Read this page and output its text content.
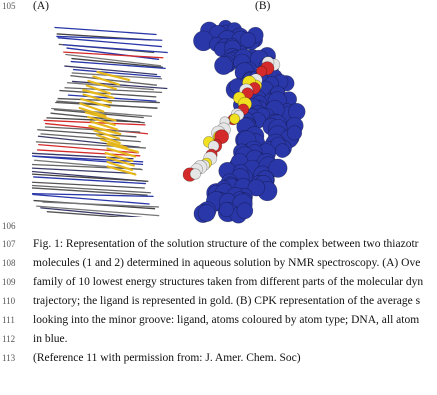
105
106
107
108
109
110
111
112
113
(A)	(B)
Fig. 1: Representation of the solution structure of the complex between two thiazotr
molecules (1 and 2) determined in aqueous solution by NMR spectroscopy. (A) Ove
family of 10 lowest energy structures taken from different parts of the molecular dyn
trajectory; the ligand is represented in gold. (B) CPK representation of the average s
looking into the minor groove: ligand, atoms coloured by atom type; DNA, all atom
in blue.
(Reference 11 with permission from: J. Amer. Chem. Soc)
